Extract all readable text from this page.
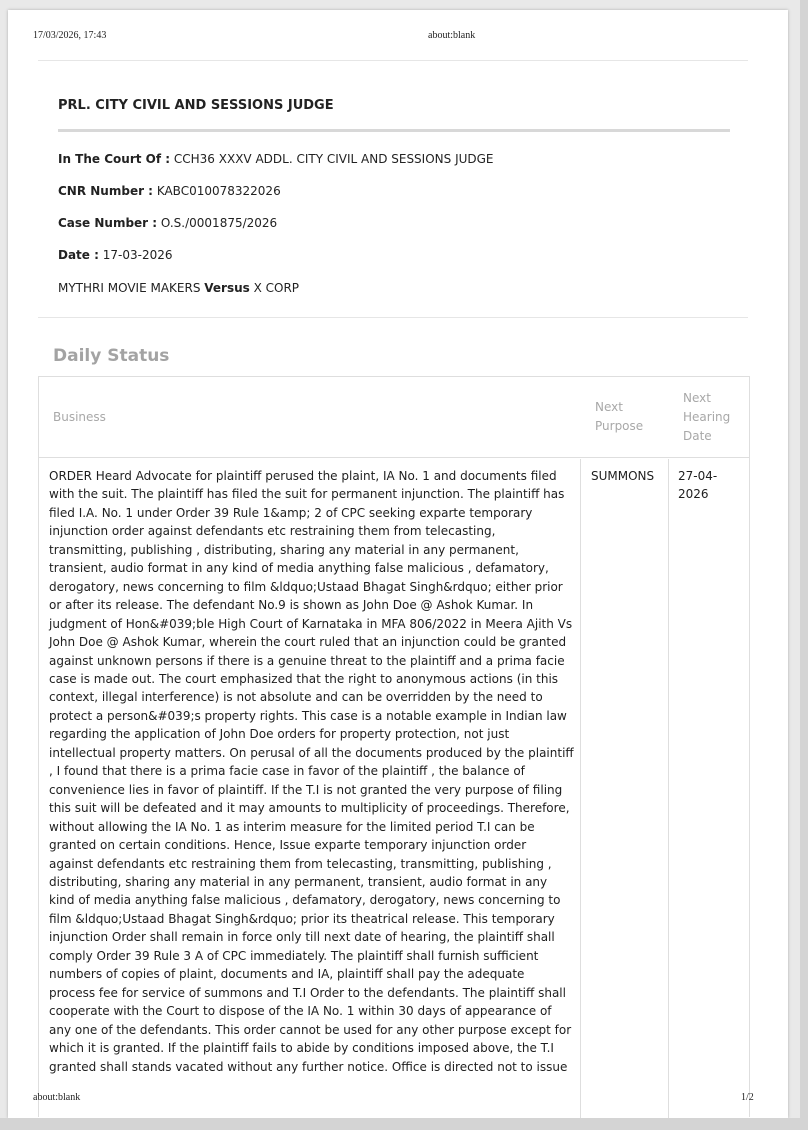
17/03/2026, 17:43	about:blank
PRL. CITY CIVIL AND SESSIONS JUDGE
In The Court Of : CCH36 XXXV ADDL. CITY CIVIL AND SESSIONS JUDGE
CNR Number : KABC010078322026
Case Number : O.S./0001875/2026
Date : 17-03-2026
MYTHRI MOVIE MAKERS Versus X CORP
Daily Status
Business
Next Purpose
Next Hearing Date
ORDER Heard Advocate for plaintiff perused the plaint, IA No. 1 and documents filed with the suit. The plaintiff has filed the suit for permanent injunction. The plaintiff has filed I.A. No. 1 under Order 39 Rule 1&amp; 2 of CPC seeking exparte temporary injunction order against defendants etc restraining them from telecasting, transmitting, publishing , distributing, sharing any material in any permanent, transient, audio format in any kind of media anything false malicious , defamatory, derogatory, news concerning to film &ldquo;Ustaad Bhagat Singh&rdquo; either prior or after its release. The defendant No.9 is shown as John Doe @ Ashok Kumar. In judgment of Hon&#039;ble High Court of Karnataka in MFA 806/2022 in Meera Ajith Vs John Doe @ Ashok Kumar, wherein the court ruled that an injunction could be granted against unknown persons if there is a genuine threat to the plaintiff and a prima facie case is made out. The court emphasized that the right to anonymous actions (in this context, illegal interference) is not absolute and can be overridden by the need to protect a person&#039;s property rights. This case is a notable example in Indian law regarding the application of John Doe orders for property protection, not just intellectual property matters. On perusal of all the documents produced by the plaintiff , I found that there is a prima facie case in favor of the plaintiff , the balance of convenience lies in favor of plaintiff. If the T.I is not granted the very purpose of filing this suit will be defeated and it may amounts to multiplicity of proceedings. Therefore, without allowing the IA No. 1 as interim measure for the limited period T.I can be granted on certain conditions. Hence, Issue exparte temporary injunction order against defendants etc restraining them from telecasting, transmitting, publishing , distributing, sharing any material in any permanent, transient, audio format in any kind of media anything false malicious , defamatory, derogatory, news concerning to film &ldquo;Ustaad Bhagat Singh&rdquo; prior its theatrical release. This temporary injunction Order shall remain in force only till next date of hearing, the plaintiff shall comply Order 39 Rule 3 A of CPC immediately. The plaintiff shall furnish sufficient numbers of copies of plaint, documents and IA, plaintiff shall pay the adequate process fee for service of summons and T.I Order to the defendants. The plaintiff shall cooperate with the Court to dispose of the IA No. 1 within 30 days of appearance of any one of the defendants. This order cannot be used for any other purpose except for which it is granted. If the plaintiff fails to abide by conditions imposed above, the T.I granted shall stands vacated without any further notice. Office is directed not to issue
SUMMONS 27-04-2026
about:blank	1/2
